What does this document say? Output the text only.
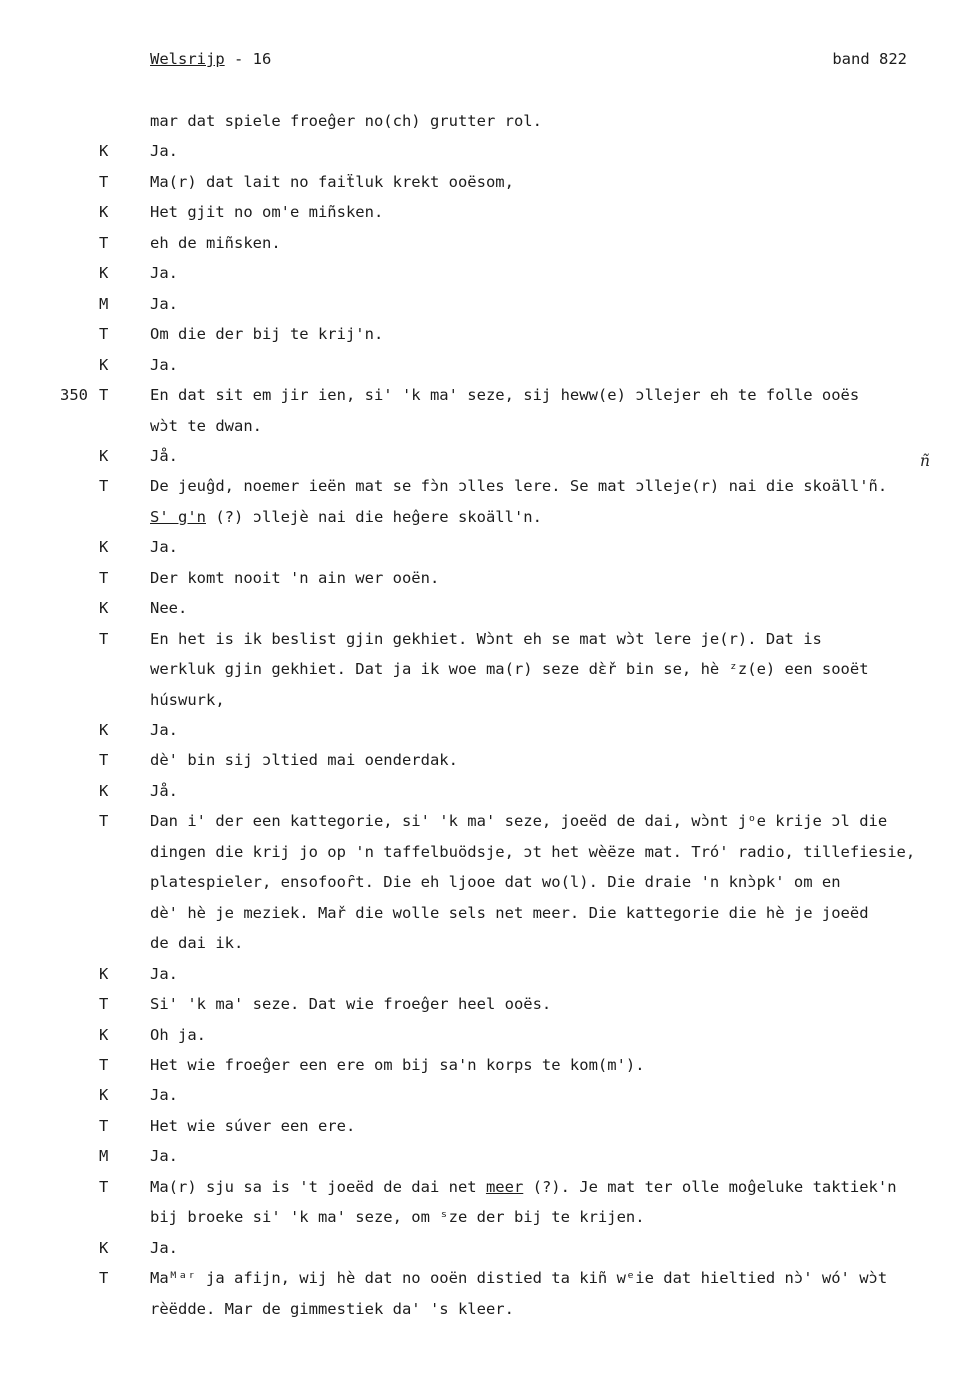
Welsrijp - 16	band 822
mar dat spiele froeĝer no(ch) grutter rol.
K	Ja.
T	Ma(r) dat lait no faiẗluk krekt ooësom,
K	Het gjit no om'e miñsken.
T	eh de miñsken.
K	Ja.
M	Ja.
T	Om die der bij te krij'n.
K	Ja.
350 T	En dat sit em jir ien, si' 'k ma' seze, sij heww(e) ɔllejer eh te folle ooës
wɔ̀t te dwan.
K	Jå.
T	De jeuĝd, noemer ieën mat se fɔ̀n ɔlles lere. Se mat ɔlleje(r) nai die skoäll'ñ.
S' g'n (?) ɔllejè nai die heĝere skoäll'n.
K	Ja.
T	Der komt nooit 'n ain wer ooën.
K	Nee.
T	En het is ik beslist gjin gekhiet. Wɔ̀nt eh se mat wɔ̀t lere je(r). Dat is
werkluk gjin gekhiet. Dat ja ik woe ma(r) seze dɛ̀ř bin se, hè ᶻz(e) een sooët
húswurk,
K	Ja.
T	dè' bin sij ɔltied mai oenderdak.
K	Jå.
T	Dan i' der een kattegorie, si' 'k ma' seze, joeëd de dai, wɔ̀nt jᵒe krije ɔl die
dingen die krij jo op 'n taffelbuödsje, ɔt het wèëze mat. Tró' radio, tillefiesie,
platespieler, ensofooȓt. Die eh ljooe dat wo(l). Die draie 'n knɔ̀pk' om en
dè' hè je meziek. Mař die wolle sels net meer. Die kattegorie die hè je joeëd
de dai ik.
K	Ja.
T	Si' 'k ma' seze. Dat wie froeĝer heel ooës.
K	Oh ja.
T	Het wie froeĝer een ere om bij sa'n korps te kom(m').
K	Ja.
T	Het wie súver een ere.
M	Ja.
T	Ma(r) sju sa is 't joeëd de dai net meer (?). Je mat ter olle moĝeluke taktiek'n
bij broeke si' 'k ma' seze, om ˢze der bij te krijen.
K	Ja.
T	Maᴹᵃʳ ja afijn, wij hè dat no ooën distied ta kiñ wᵉie dat hieltied nɔ̀' wó' wɔ̀t
rèëdde. Mar de gimmestiek da' 's kleer.
ñ
